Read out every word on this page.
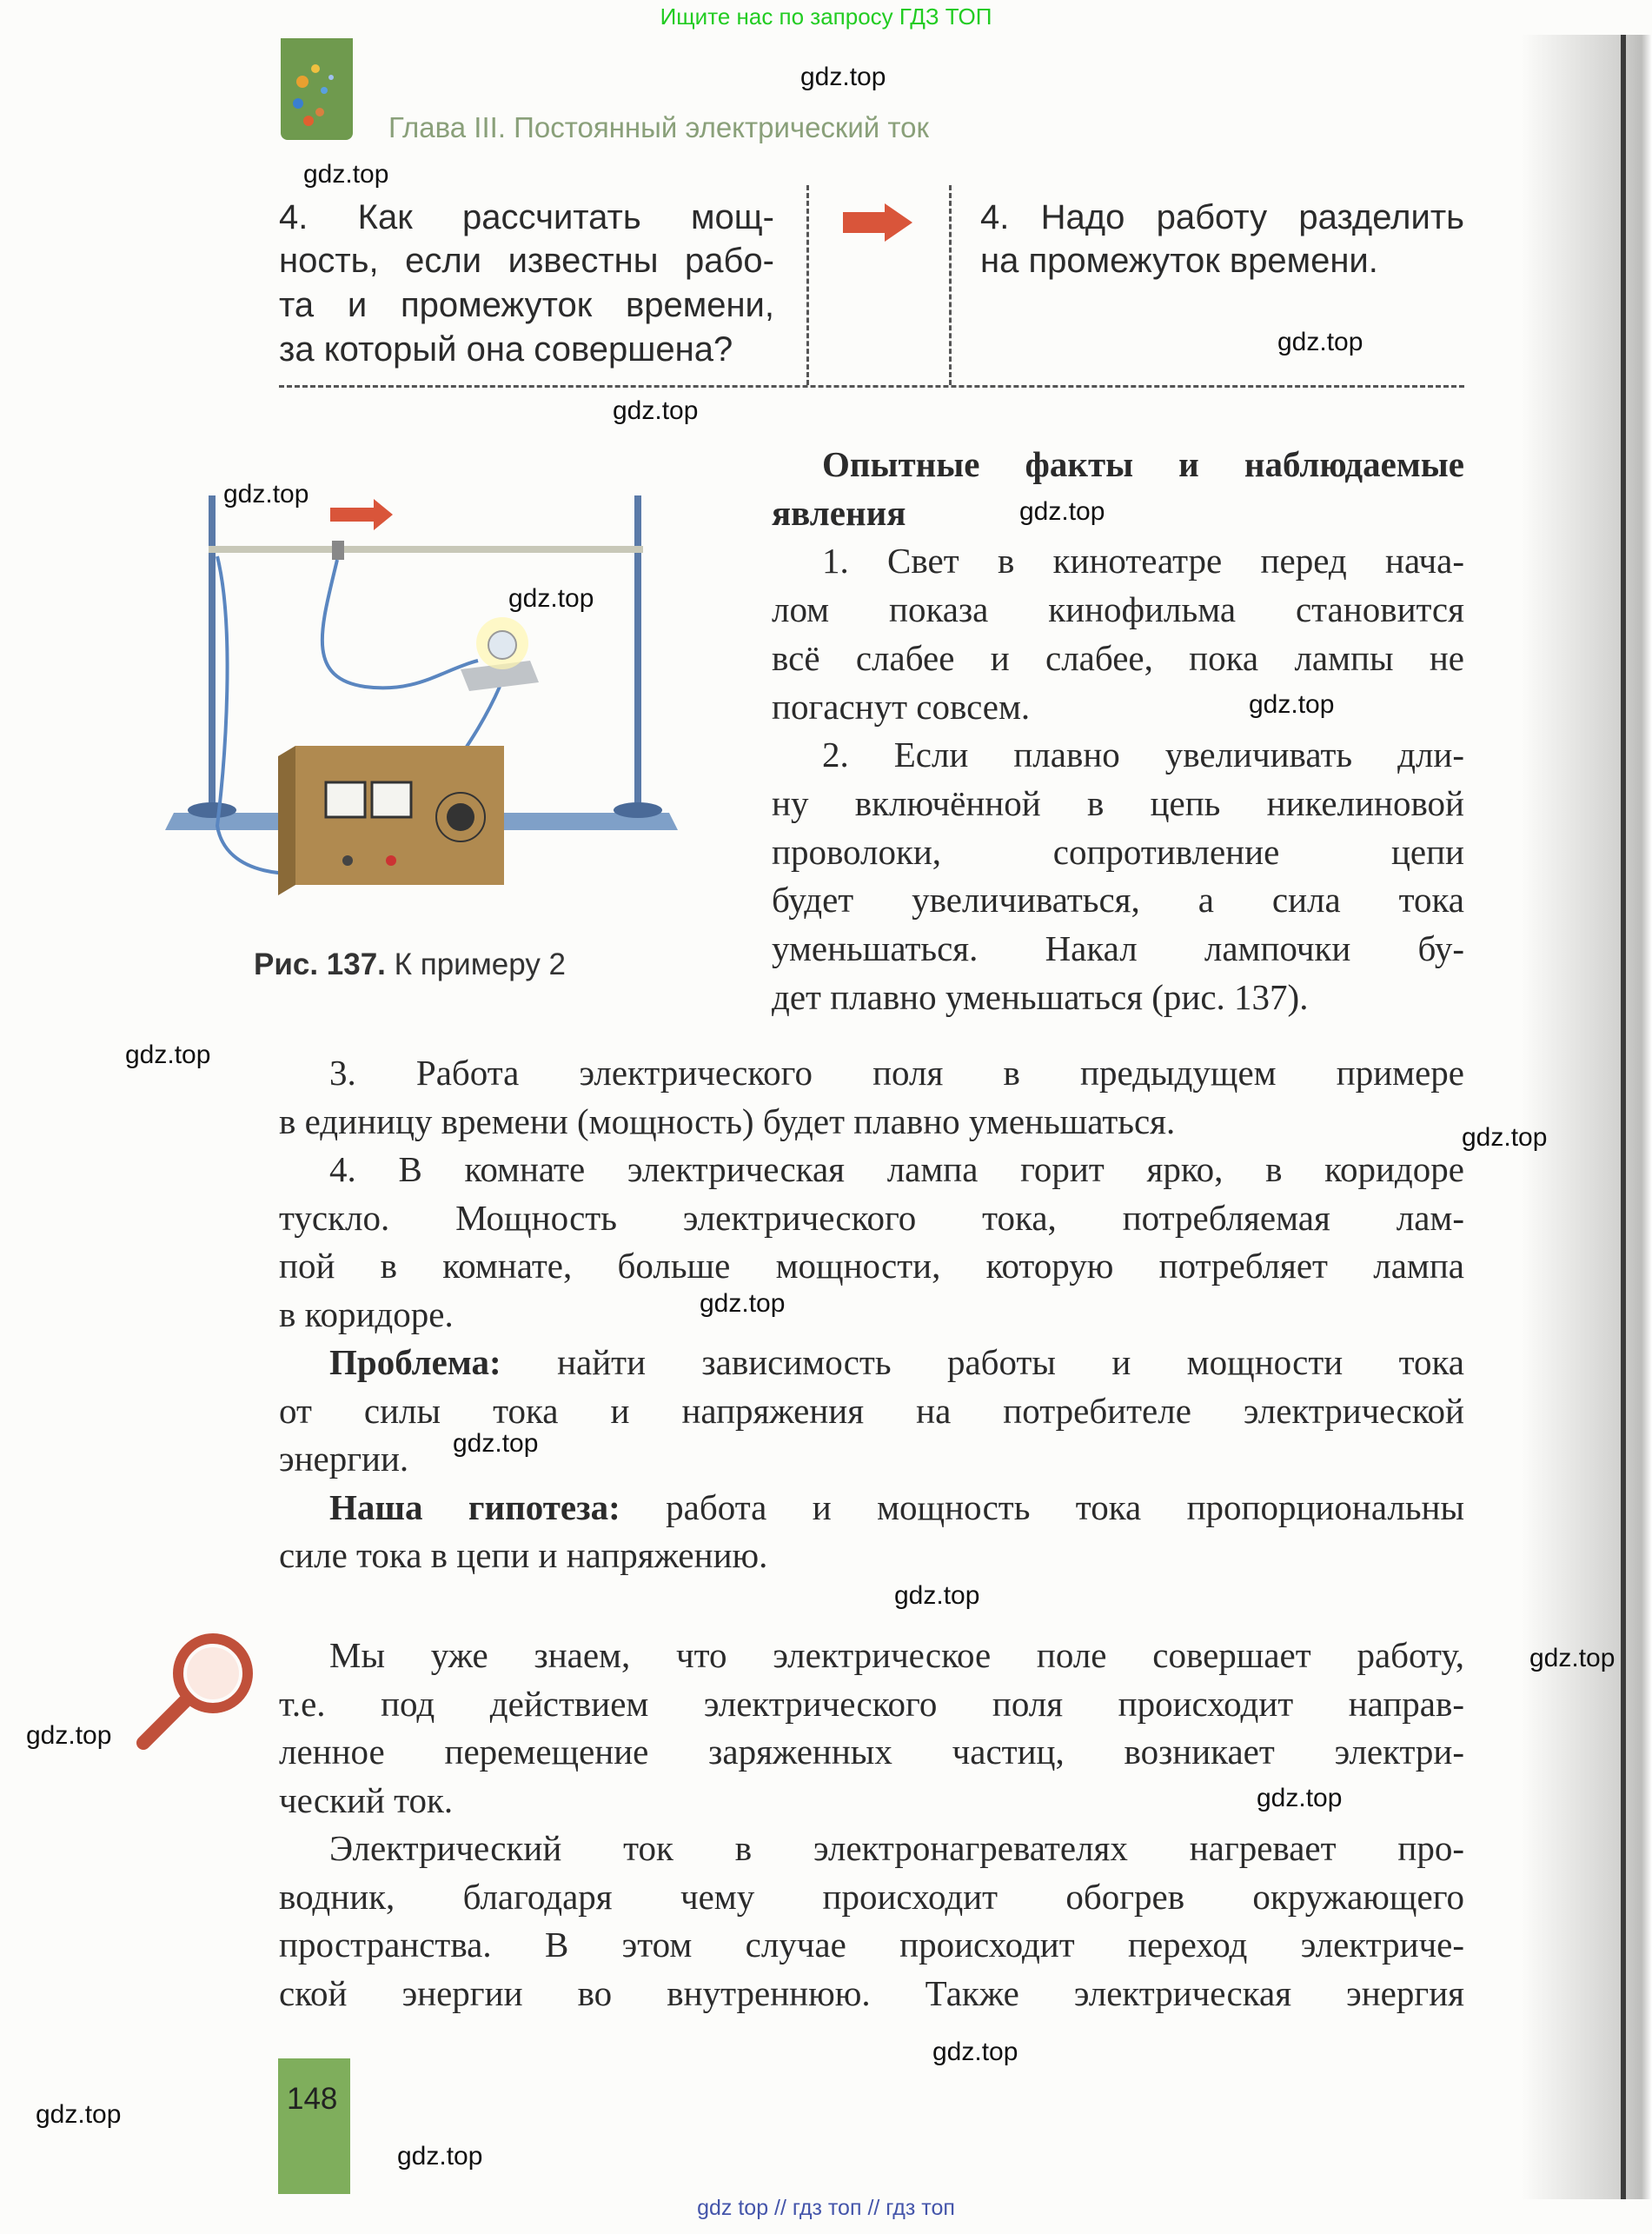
Ищите нас по запросу ГДЗ ТОП
Глава III. Постоянный электрический ток
4. Как рассчитать мощ-
ность, если известны рабо-
та и промежуток времени,
за который она совершена?
4. Надо работу разделить
на промежуток времени.
Рис. 137. К примеру 2
Опытные факты и наблюдаемые
явления
1. Свет в кинотеатре перед нача-
лом показа кинофильма становится
всё слабее и слабее, пока лампы не
погаснут совсем.
2. Если плавно увеличивать дли-
ну включённой в цепь никелиновой
проволоки, сопротивление цепи
будет увеличиваться, а сила тока
уменьшаться. Накал лампочки бу-
дет плавно уменьшаться (рис. 137).
3. Работа электрического поля в предыдущем примере
в единицу времени (мощность) будет плавно уменьшаться.
4. В комнате электрическая лампа горит ярко, в коридоре
тускло. Мощность электрического тока, потребляемая лам-
пой в комнате, больше мощности, которую потребляет лампа
в коридоре.
Проблема: найти зависимость работы и мощности тока
от силы тока и напряжения на потребителе электрической
энергии.
Наша гипотеза: работа и мощность тока пропорциональны
силе тока в цепи и напряжению.
Мы уже знаем, что электрическое поле совершает работу,
т.е. под действием электрического поля происходит направ-
ленное перемещение заряженных частиц, возникает электри-
ческий ток.
Электрический ток в электронагревателях нагревает про-
водник, благодаря чему происходит обогрев окружающего
пространства. В этом случае происходит переход электриче-
ской энергии во внутреннюю. Также электрическая энергия
148
gdz top // гдз топ // гдз топ
gdz.top
gdz.top
gdz.top
gdz.top
gdz.top
gdz.top
gdz.top
gdz.top
gdz.top
gdz.top
gdz.top
gdz.top
gdz.top
gdz.top
gdz.top
gdz.top
gdz.top
gdz.top
gdz.top
